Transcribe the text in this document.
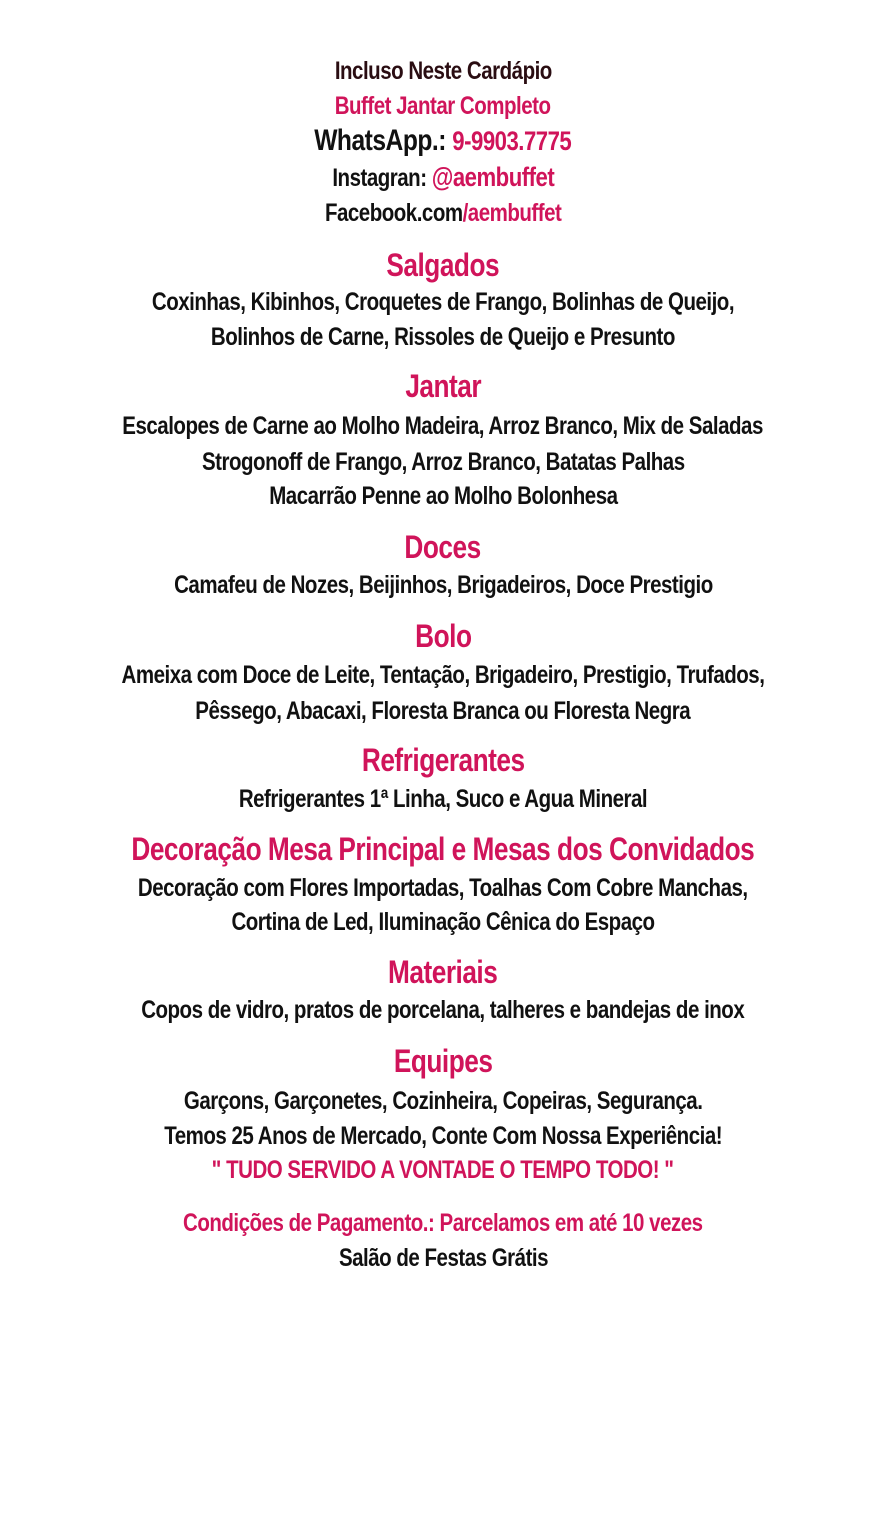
Incluso Neste Cardápio
Buffet Jantar Completo
WhatsApp.: 9-9903.7775
Instagran: @aembuffet
Facebook.com/aembuffet
Salgados
Coxinhas, Kibinhos, Croquetes de Frango, Bolinhas de Queijo,
Bolinhos de Carne, Rissoles de Queijo e Presunto
Jantar
Escalopes de Carne ao Molho Madeira, Arroz Branco, Mix de Saladas
Strogonoff de Frango, Arroz Branco, Batatas Palhas
Macarrão Penne ao Molho Bolonhesa
Doces
Camafeu de Nozes, Beijinhos, Brigadeiros, Doce Prestigio
Bolo
Ameixa com Doce de Leite, Tentação, Brigadeiro, Prestigio, Trufados,
Pêssego, Abacaxi, Floresta Branca ou Floresta Negra
Refrigerantes
Refrigerantes 1ª Linha, Suco e Agua Mineral
Decoração Mesa Principal e Mesas dos Convidados
Decoração com Flores Importadas, Toalhas Com Cobre Manchas,
Cortina de Led, Iluminação Cênica do Espaço
Materiais
Copos de vidro, pratos de porcelana, talheres e bandejas de inox
Equipes
Garçons, Garçonetes, Cozinheira, Copeiras, Segurança.
Temos 25 Anos de Mercado, Conte Com Nossa Experiência!
" TUDO SERVIDO A VONTADE O TEMPO TODO! "
Condições de Pagamento.: Parcelamos em até 10 vezes
Salão de Festas Grátis
